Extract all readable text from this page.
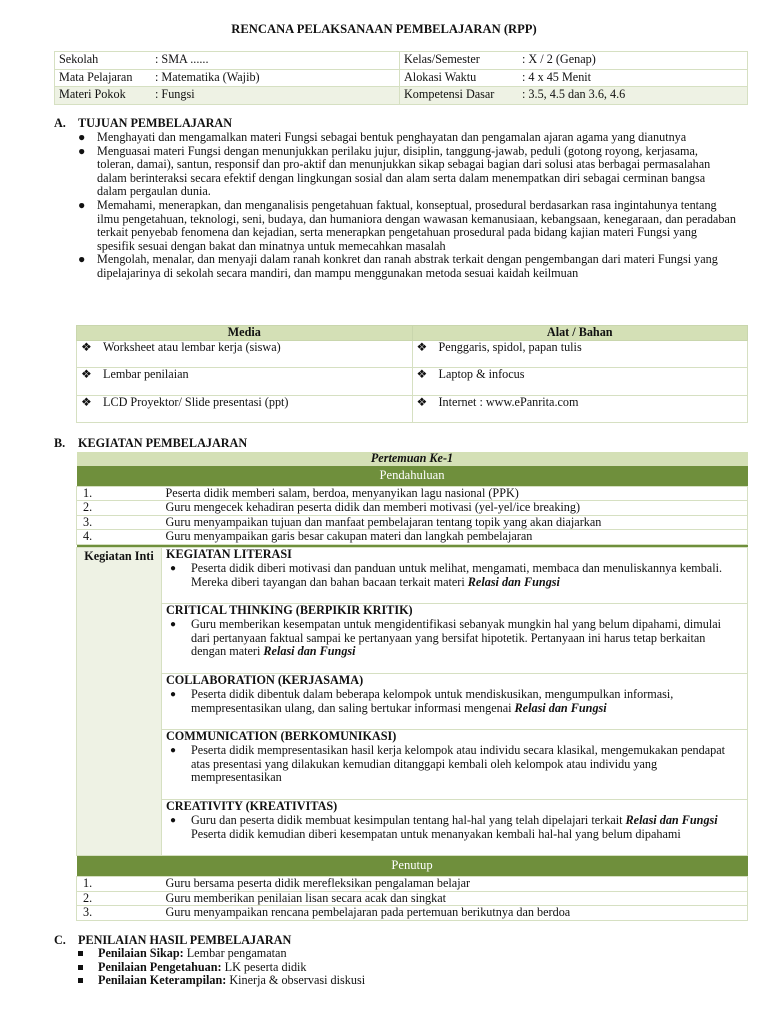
RENCANA PELAKSANAAN PEMBELAJARAN (RPP)
Sekolah	: SMA ......	Kelas/Semester	: X / 2 (Genap)
Mata Pelajaran	: Matematika (Wajib)	Alokasi Waktu	: 4 x 45 Menit
Materi Pokok	: Fungsi	Kompetensi Dasar	: 3.5, 4.5 dan 3.6, 4.6
A. TUJUAN PEMBELAJARAN
● Menghayati dan mengamalkan materi Fungsi sebagai bentuk penghayatan dan pengamalan ajaran agama yang dianutnya
● Menguasai materi Fungsi dengan menunjukkan perilaku jujur, disiplin, tanggung-jawab, peduli (gotong royong, kerjasama, toleran, damai), santun, responsif dan pro-aktif dan menunjukkan sikap sebagai bagian dari solusi atas berbagai permasalahan dalam berinteraksi secara efektif dengan lingkungan sosial dan alam serta dalam menempatkan diri sebagai cerminan bangsa dalam pergaulan dunia.
● Memahami, menerapkan, dan menganalisis pengetahuan faktual, konseptual, prosedural berdasarkan rasa ingintahunya tentang ilmu pengetahuan, teknologi, seni, budaya, dan humaniora dengan wawasan kemanusiaan, kebangsaan, kenegaraan, dan peradaban terkait penyebab fenomena dan kejadian, serta menerapkan pengetahuan prosedural pada bidang kajian materi Fungsi yang spesifik sesuai dengan bakat dan minatnya untuk memecahkan masalah
● Mengolah, menalar, dan menyaji dalam ranah konkret dan ranah abstrak terkait dengan pengembangan dari materi Fungsi yang dipelajarinya di sekolah secara mandiri, dan mampu menggunakan metoda sesuai kaidah keilmuan
Media	Alat / Bahan
❖ Worksheet atau lembar kerja (siswa)	❖ Penggaris, spidol, papan tulis
❖ Lembar penilaian	❖ Laptop & infocus
❖ LCD Proyektor/ Slide presentasi (ppt)	❖ Internet : www.ePanrita.com
B. KEGIATAN PEMBELAJARAN
Pertemuan Ke-1	
Pendahuluan	
1.	Peserta didik memberi salam, berdoa, menyanyikan lagu nasional (PPK)
2.	Guru mengecek kehadiran peserta didik dan memberi motivasi (yel-yel/ice breaking)
3.	Guru menyampaikan tujuan dan manfaat pembelajaran tentang topik yang akan diajarkan
4.	Guru menyampaikan garis besar cakupan materi dan langkah pembelajaran

Kegiatan Inti	KEGIATAN LITERASI

	● Peserta didik diberi motivasi dan panduan untuk melihat, mengamati, membaca dan menuliskannya kembali. Mereka diberi tayangan dan bahan bacaan terkait materi Relasi dan Fungsi

	CRITICAL THINKING (BERPIKIR KRITIK)

	● Guru memberikan kesempatan untuk mengidentifikasi sebanyak mungkin hal yang belum dipahami, dimulai dari pertanyaan faktual sampai ke pertanyaan yang bersifat hipotetik. Pertanyaan ini harus tetap berkaitan dengan materi Relasi dan Fungsi

	COLLABORATION (KERJASAMA)

	● Peserta didik dibentuk dalam beberapa kelompok untuk mendiskusikan, mengumpulkan informasi, mempresentasikan ulang, dan saling bertukar informasi mengenai Relasi dan Fungsi

	COMMUNICATION (BERKOMUNIKASI)

	● Peserta didik mempresentasikan hasil kerja kelompok atau individu secara klasikal, mengemukakan pendapat atas presentasi yang dilakukan kemudian ditanggapi kembali oleh kelompok atau individu yang mempresentasikan

	CREATIVITY (KREATIVITAS)

	● Guru dan peserta didik membuat kesimpulan tentang hal-hal yang telah dipelajari terkait Relasi dan Fungsi Peserta didik kemudian diberi kesempatan untuk menanyakan kembali hal-hal yang belum dipahami

Penutup	
1.	Guru bersama peserta didik merefleksikan pengalaman belajar
2.	Guru memberikan penilaian lisan secara acak dan singkat
3.	Guru menyampaikan rencana pembelajaran pada pertemuan berikutnya dan berdoa
C. PENILAIAN HASIL PEMBELAJARAN
Penilaian Sikap: Lembar pengamatan
Penilaian Pengetahuan: LK peserta didik
Penilaian Keterampilan: Kinerja & observasi diskusi
